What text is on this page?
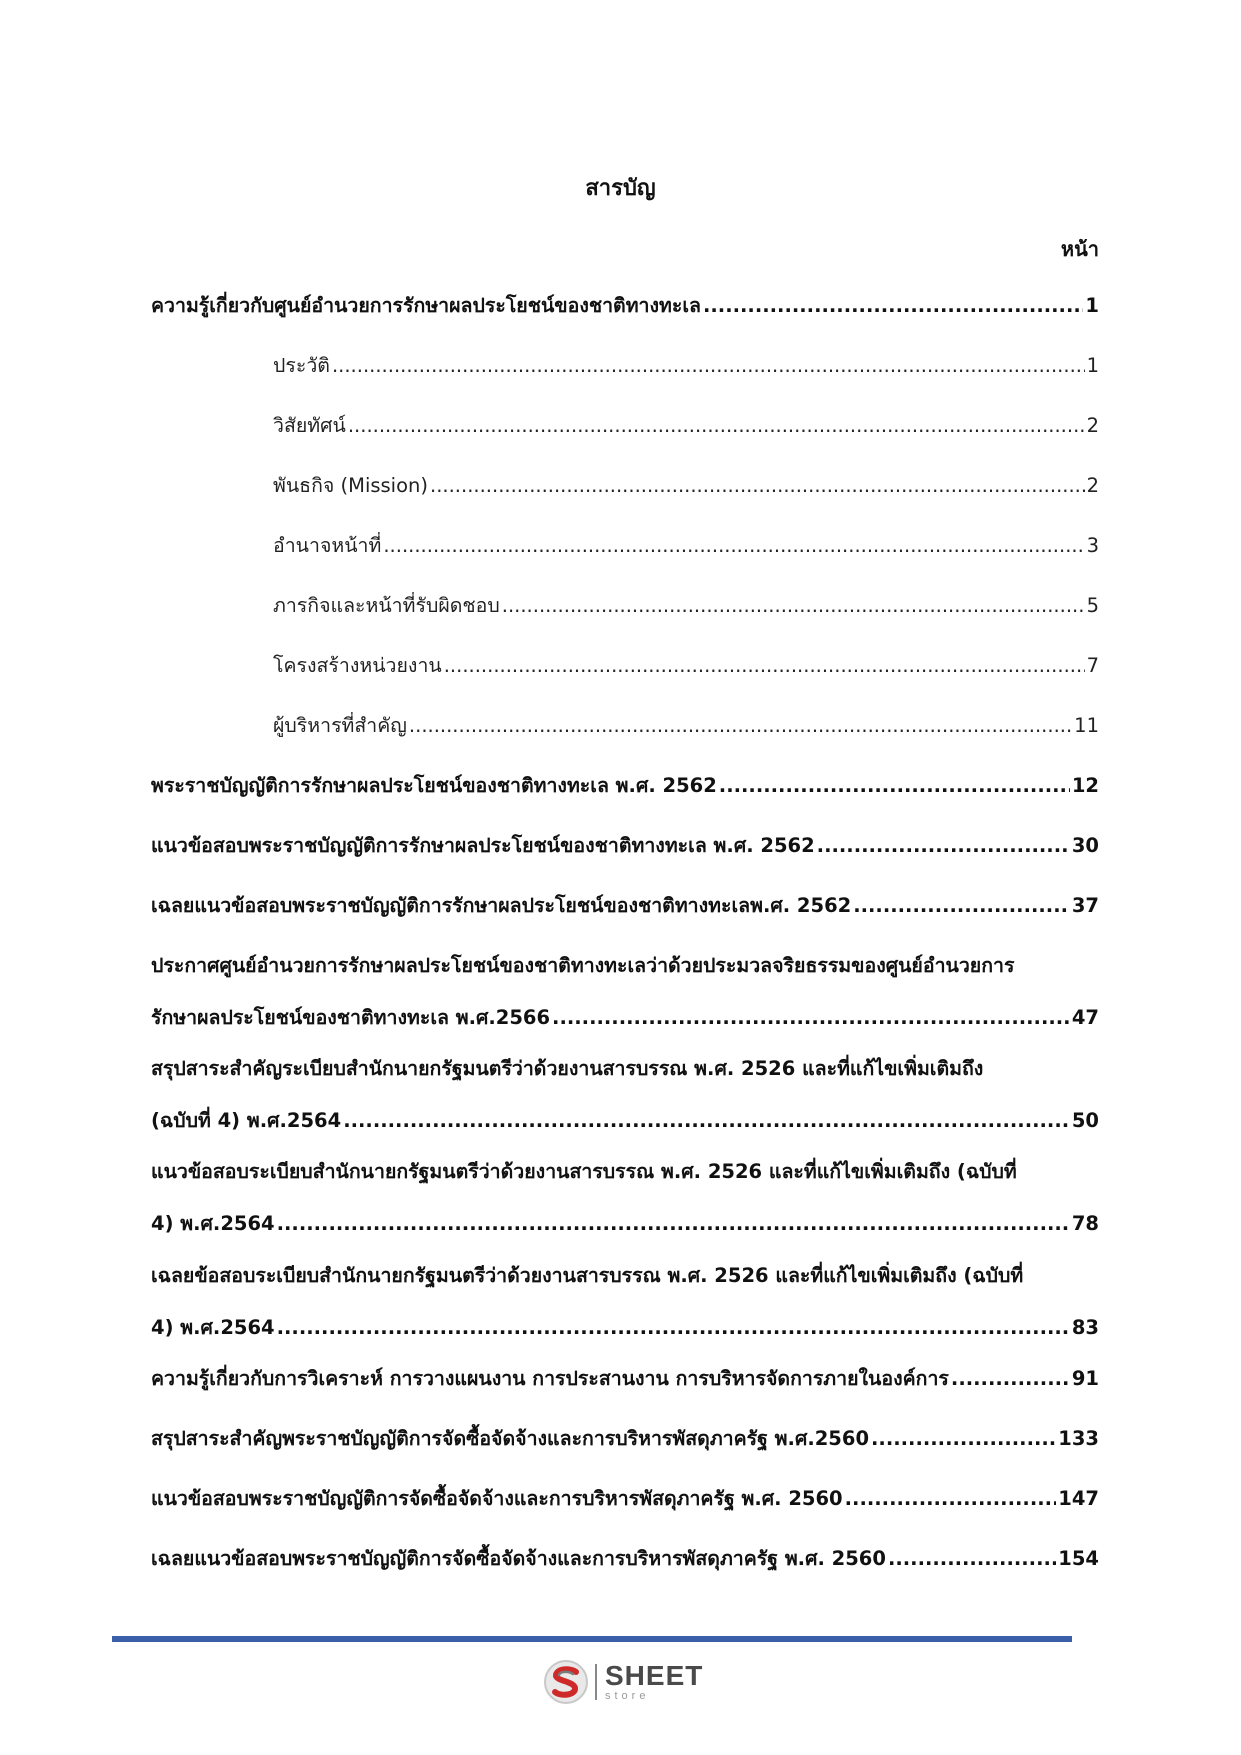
สารบัญ
หน้า
ความรู้เกี่ยวกับศูนย์อำนวยการรักษาผลประโยชน์ของชาติทางทะเล .....	1
ประวัติ .....	1
วิสัยทัศน์ .....	2
พันธกิจ (Mission) .....	2
อำนาจหน้าที่ .....	3
ภารกิจและหน้าที่รับผิดชอบ .....	5
โครงสร้างหน่วยงาน .....	7
ผู้บริหารที่สำคัญ .....	11
พระราชบัญญัติการรักษาผลประโยชน์ของชาติทางทะเล พ.ศ. 2562 .....	12
แนวข้อสอบพระราชบัญญัติการรักษาผลประโยชน์ของชาติทางทะเล พ.ศ. 2562 .....	30
เฉลยแนวข้อสอบพระราชบัญญัติการรักษาผลประโยชน์ของชาติทางทะเลพ.ศ. 2562 .....	37
ประกาศศูนย์อำนวยการรักษาผลประโยชน์ของชาติทางทะเลว่าด้วยประมวลจริยธรรมของศูนย์อำนวยการ
รักษาผลประโยชน์ของชาติทางทะเล พ.ศ.2566 .....	47
สรุปสาระสำคัญระเบียบสำนักนายกรัฐมนตรีว่าด้วยงานสารบรรณ พ.ศ. 2526 และที่แก้ไขเพิ่มเติมถึง
(ฉบับที่ 4) พ.ศ.2564 .....	50
แนวข้อสอบระเบียบสำนักนายกรัฐมนตรีว่าด้วยงานสารบรรณ พ.ศ. 2526 และที่แก้ไขเพิ่มเติมถึง (ฉบับที่
4) พ.ศ.2564 .....	78
เฉลยข้อสอบระเบียบสำนักนายกรัฐมนตรีว่าด้วยงานสารบรรณ พ.ศ. 2526 และที่แก้ไขเพิ่มเติมถึง (ฉบับที่
4) พ.ศ.2564 .....	83
ความรู้เกี่ยวกับการวิเคราะห์ การวางแผนงาน การประสานงาน การบริหารจัดการภายในองค์การ .....	91
สรุปสาระสำคัญพระราชบัญญัติการจัดซื้อจัดจ้างและการบริหารพัสดุภาครัฐ พ.ศ.2560 .....	133
แนวข้อสอบพระราชบัญญัติการจัดซื้อจัดจ้างและการบริหารพัสดุภาครัฐ พ.ศ. 2560 .....	147
เฉลยแนวข้อสอบพระราชบัญญัติการจัดซื้อจัดจ้างและการบริหารพัสดุภาครัฐ พ.ศ. 2560 .....	154
SHEET
store
